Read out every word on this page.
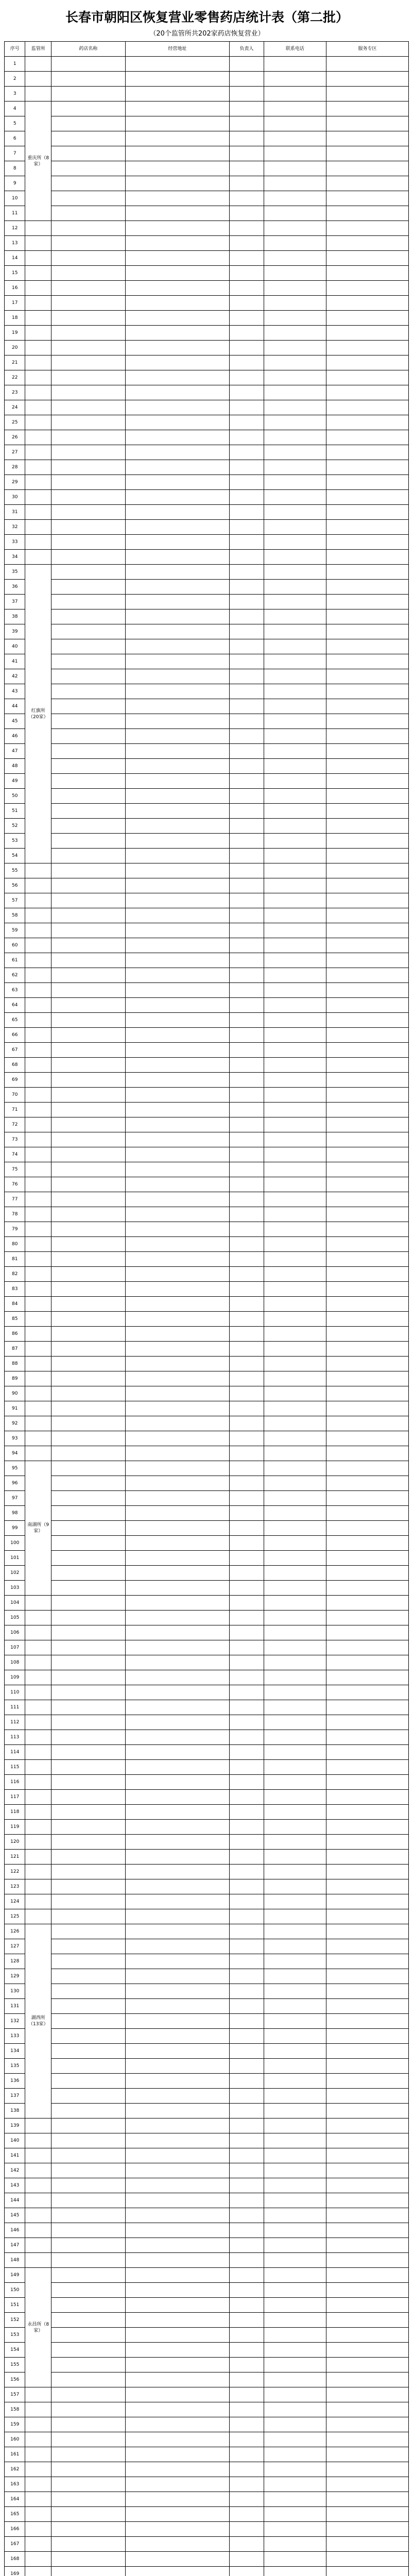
长春市朝阳区恢复营业零售药店统计表（第二批）
（20个监管所共202家药店恢复营业）
序号	监管所	药店名称	经营地址	负责人	联系电话	服务专区
1						
2						
3						
4	重庆所（8家）					
5						
6						
7						
8						
9						
10						
11						
12						
13						
14						
15						
16						
17						
18						
19						
20						
21						
22						
23						
24						
25						
26						
27						
28						
29						
30						
31						
32						
33						
34						
35	红旗所（20家）					
36						
37						
38						
39						
40						
41						
42						
43						
44						
45						
46						
47						
48						
49						
50						
51						
52						
53						
54						
55						
56						
57						
58						
59						
60						
61						
62						
63						
64						
65						
66						
67						
68						
69						
70						
71						
72						
73						
74						
75						
76						
77						
78						
79						
80						
81						
82						
83						
84						
85						
86						
87						
88						
89						
90						
91						
92						
93						
94						
95	南湖所（9家）					
96						
97						
98						
99						
100						
101						
102						
103						
104						
105						
106						
107						
108						
109						
110						
111						
112						
113						
114						
115						
116						
117						
118						
119						
120						
121						
122						
123						
124						
125						
126	湖西所（13家）					
127						
128						
129						
130						
131						
132						
133						
134						
135						
136						
137						
138						
139						
140						
141						
142						
143						
144						
145						
146						
147						
148						
149	永昌所（8家）					
150						
151						
152						
153						
154						
155						
156						
157						
158						
159						
160						
161						
162						
163						
164						
165						
166						
167						
168						
169						
